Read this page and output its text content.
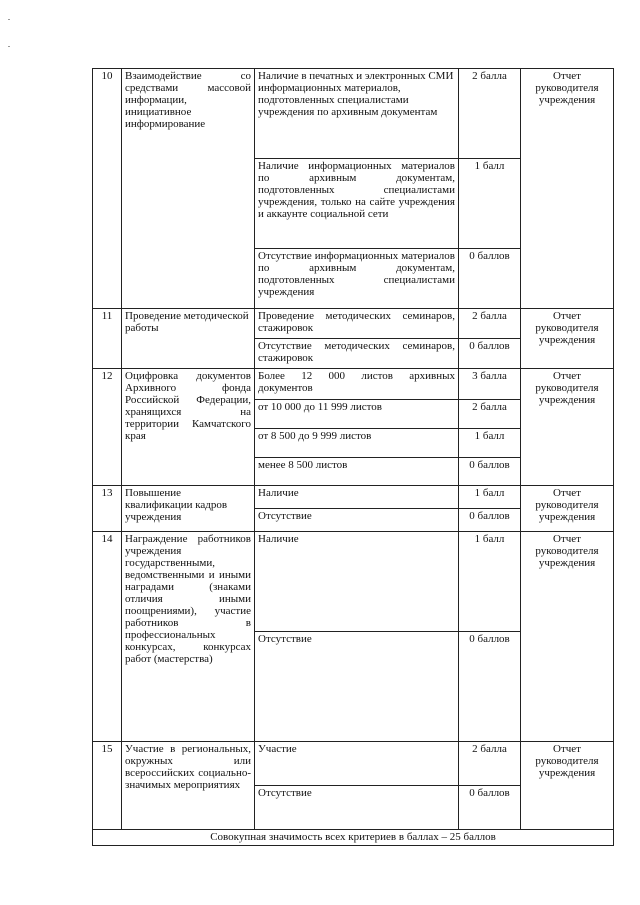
10	Взаимодействие со средствами массовой информации, инициативное информирование	Наличие в печатных и электронных СМИ информационных материалов, подготовленных специалистами учреждения по архивным документам	2 балла	Отчет руководителя учреждения
		Наличие информационных материалов по архивным документам, подготовленных специалистами учреждения, только на сайте учреждения и аккаунте социальной сети	1 балл	
		Отсутствие информационных материалов по архивным документам, подготовленных специалистами учреждения	0 баллов	
11	Проведение методической работы	Проведение методических семинаров, стажировок	2 балла	Отчет руководителя учреждения
		Отсутствие методических семинаров, стажировок	0 баллов	
12	Оцифровка документов Архивного фонда Российской Федерации, хранящихся на территории Камчатского края	Более 12 000 листов архивных документов	3 балла	Отчет руководителя учреждения
		от 10 000 до 11 999 листов	2 балла	
		от 8 500 до 9 999 листов	1 балл	
		менее 8 500 листов	0 баллов	
13	Повышение квалификации кадров учреждения	Наличие	1 балл	Отчет руководителя учреждения
		Отсутствие	0 баллов	
14	Награждение работников учреждения государственными, ведомственными и иными наградами (знаками отличия иными поощрениями), участие работников в профессиональных конкурсах, конкурсах работ (мастерства)	Наличие	1 балл	Отчет руководителя учреждения
		Отсутствие	0 баллов	
15	Участие в региональных, окружных или всероссийских социально-значимых мероприятиях	Участие	2 балла	Отчет руководителя учреждения
		Отсутствие	0 баллов	
Совокупная значимость всех критериев в баллах – 25 баллов				
